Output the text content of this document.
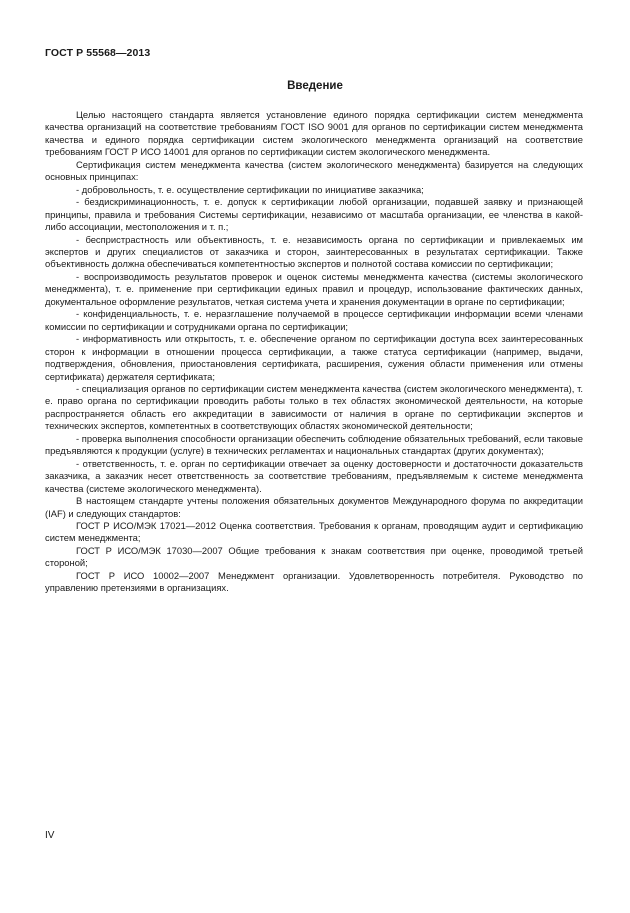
ГОСТ Р 55568—2013
Введение

Целью настоящего стандарта является установление единого порядка сертификации систем менеджмента качества организаций на соответствие требованиям ГОСТ ISO 9001 для органов по сертификации систем менеджмента качества и единого порядка сертификации систем экологического менеджмента организаций на соответствие требованиям ГОСТ Р ИСО 14001 для органов по сертификации систем экологического менеджмента.

Сертификация систем менеджмента качества (систем экологического менеджмента) базируется на следующих основных принципах:

- добровольность, т. е. осуществление сертификации по инициативе заказчика;

- бездискриминационность, т. е. допуск к сертификации любой организации, подавшей заявку и признающей принципы, правила и требования Системы сертификации, независимо от масштаба организации, ее членства в какой-либо ассоциации, местоположения и т. п.;

- беспристрастность или объективность, т. е. независимость органа по сертификации и привлекаемых им экспертов и других специалистов от заказчика и сторон, заинтересованных в результатах сертификации. Также объективность должна обеспечиваться компетентностью экспертов и полнотой состава комиссии по сертификации;

- воспроизводимость результатов проверок и оценок системы менеджмента качества (системы экологического менеджмента), т. е. применение при сертификации единых правил и процедур, использование фактических данных, документальное оформление результатов, четкая система учета и хранения документации в органе по сертификации;

- конфиденциальность, т. е. неразглашение получаемой в процессе сертификации информации всеми членами комиссии по сертификации и сотрудниками органа по сертификации;

- информативность или открытость, т. е. обеспечение органом по сертификации доступа всех заинтересованных сторон к информации в отношении процесса сертификации, а также статуса сертификации (например, выдачи, подтверждения, обновления, приостановления сертификата, расширения, сужения области применения или отмены сертификата) держателя сертификата;

- специализация органов по сертификации систем менеджмента качества (систем экологического менеджмента), т. е. право органа по сертификации проводить работы только в тех областях экономической деятельности, на которые распространяется область его аккредитации в зависимости от наличия в органе по сертификации экспертов и технических экспертов, компетентных в соответствующих областях экономической деятельности;

- проверка выполнения способности организации обеспечить соблюдение обязательных требований, если таковые предъявляются к продукции (услуге) в технических регламентах и национальных стандартах (других документах);

- ответственность, т. е. орган по сертификации отвечает за оценку достоверности и достаточности доказательств заказчика, а заказчик несет ответственность за соответствие требованиям, предъявляемым к системе менеджмента качества (системе экологического менеджмента).

В настоящем стандарте учтены положения обязательных документов Международного форума по аккредитации (IAF) и следующих стандартов:

ГОСТ Р ИСО/МЭК 17021—2012 Оценка соответствия. Требования к органам, проводящим аудит и сертификацию систем менеджмента;

ГОСТ Р ИСО/МЭК 17030—2007 Общие требования к знакам соответствия при оценке, проводимой третьей стороной;

ГОСТ Р ИСО 10002—2007 Менеджмент организации. Удовлетворенность потребителя. Руководство по управлению претензиями в организациях.

IV
